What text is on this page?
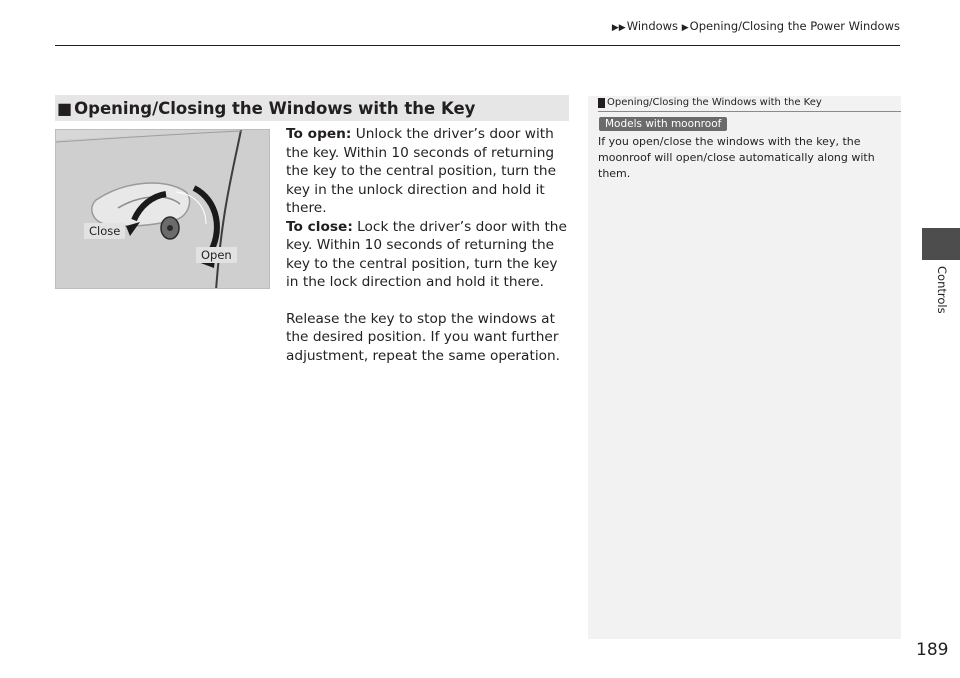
▶▶Windows ▶Opening/Closing the Power Windows
■ Opening/Closing the Windows with the Key
Close
Open

To open: Unlock the driver’s door with the key. Within 10 seconds of returning the key to the central position, turn the key in the unlock direction and hold it there.

To close: Lock the driver’s door with the key. Within 10 seconds of returning the key to the central position, turn the key in the lock direction and hold it there.

Release the key to stop the windows at the desired position. If you want further adjustment, repeat the same operation.

Opening/Closing the Windows with the Key
Models with moonroof

If you open/close the windows with the key, the moonroof will open/close automatically along with them.

Controls
189
